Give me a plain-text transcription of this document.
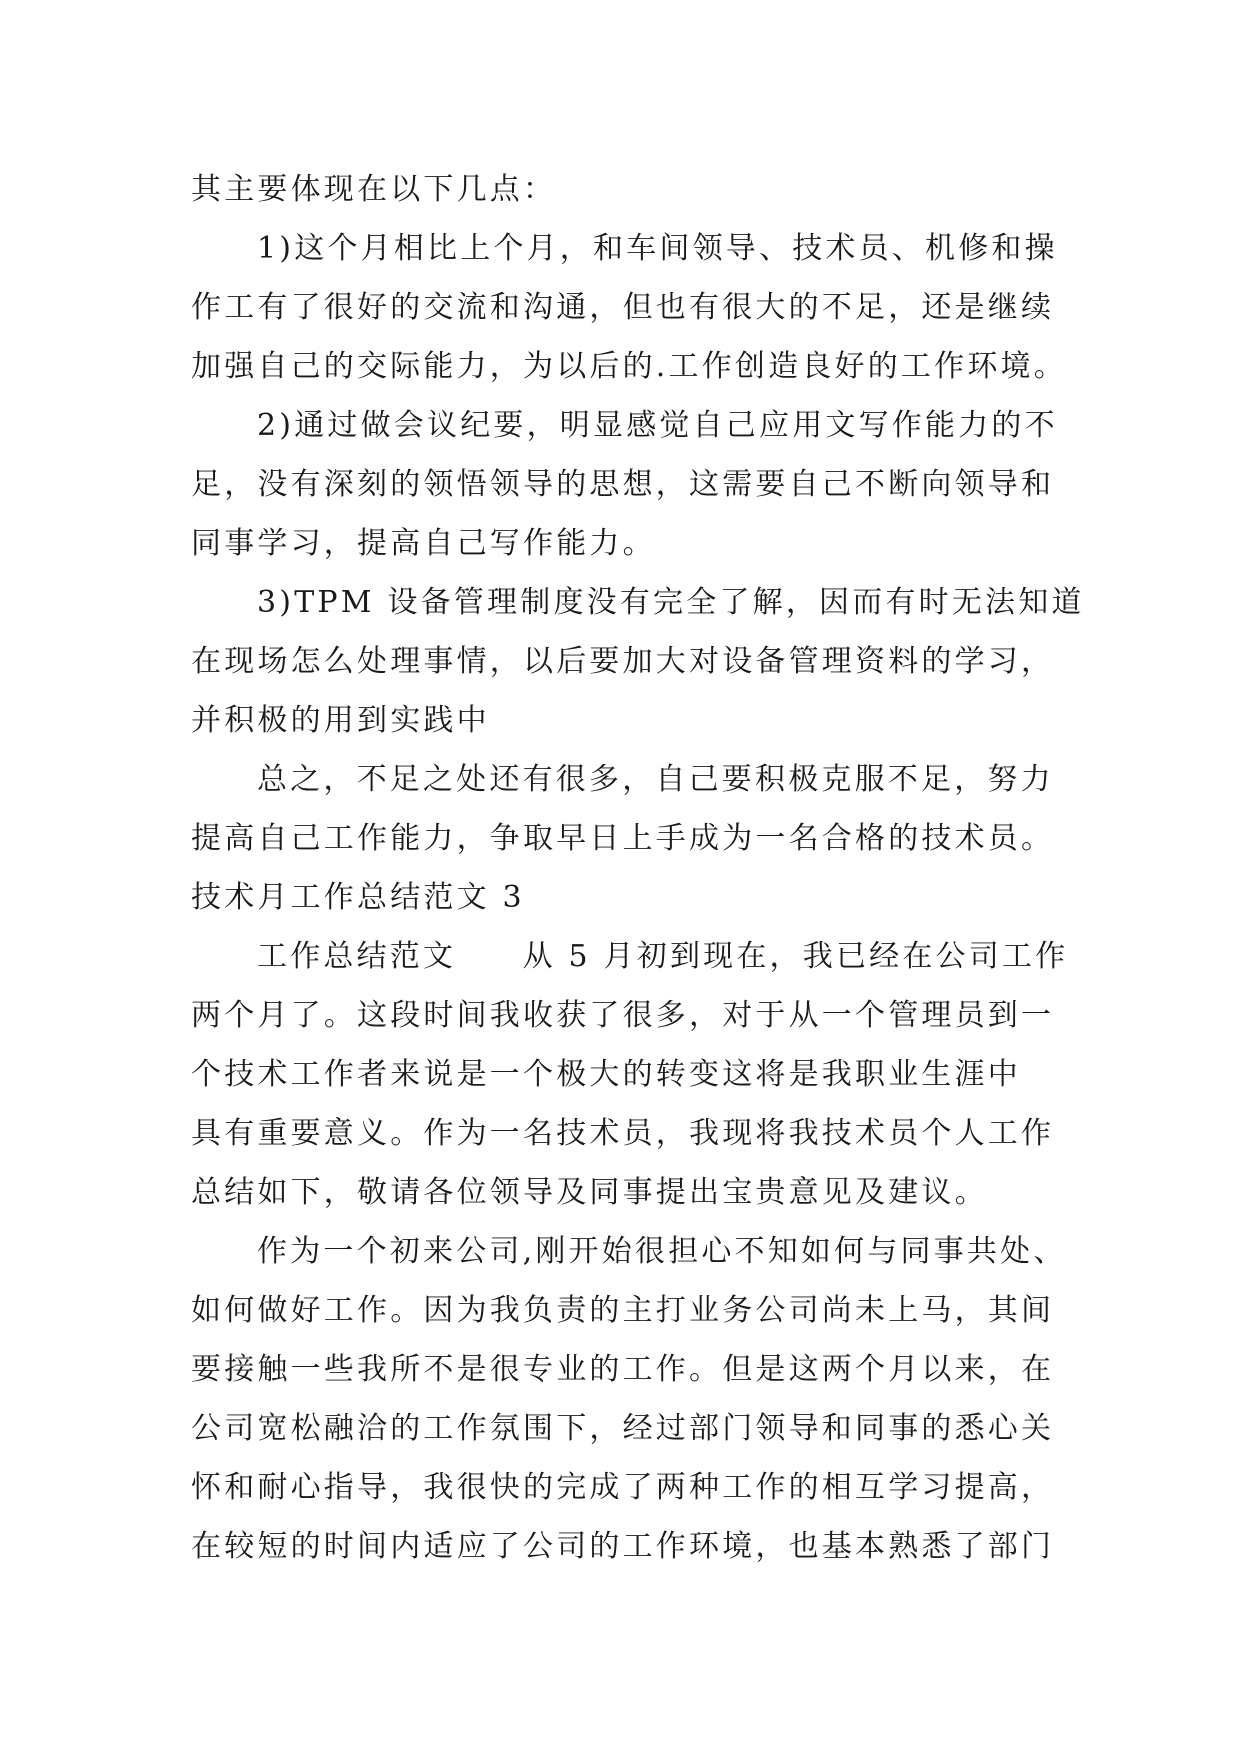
其主要体现在以下几点：
1)这个月相比上个月，和车间领导、技术员、机修和操
作工有了很好的交流和沟通，但也有很大的不足，还是继续
加强自己的交际能力，为以后的.工作创造良好的工作环境。
2)通过做会议纪要，明显感觉自己应用文写作能力的不
足，没有深刻的领悟领导的思想，这需要自己不断向领导和
同事学习，提高自己写作能力。
3)TPM 设备管理制度没有完全了解，因而有时无法知道
在现场怎么处理事情，以后要加大对设备管理资料的学习，
并积极的用到实践中
总之，不足之处还有很多，自己要积极克服不足，努力
提高自己工作能力，争取早日上手成为一名合格的技术员。
技术月工作总结范文 3
工作总结范文　　从 5 月初到现在，我已经在公司工作
两个月了。这段时间我收获了很多，对于从一个管理员到一
个技术工作者来说是一个极大的转变这将是我职业生涯中
具有重要意义。作为一名技术员，我现将我技术员个人工作
总结如下，敬请各位领导及同事提出宝贵意见及建议。
作为一个初来公司,刚开始很担心不知如何与同事共处、
如何做好工作。因为我负责的主打业务公司尚未上马，其间
要接触一些我所不是很专业的工作。但是这两个月以来，在
公司宽松融洽的工作氛围下，经过部门领导和同事的悉心关
怀和耐心指导，我很快的完成了两种工作的相互学习提高，
在较短的时间内适应了公司的工作环境，也基本熟悉了部门
